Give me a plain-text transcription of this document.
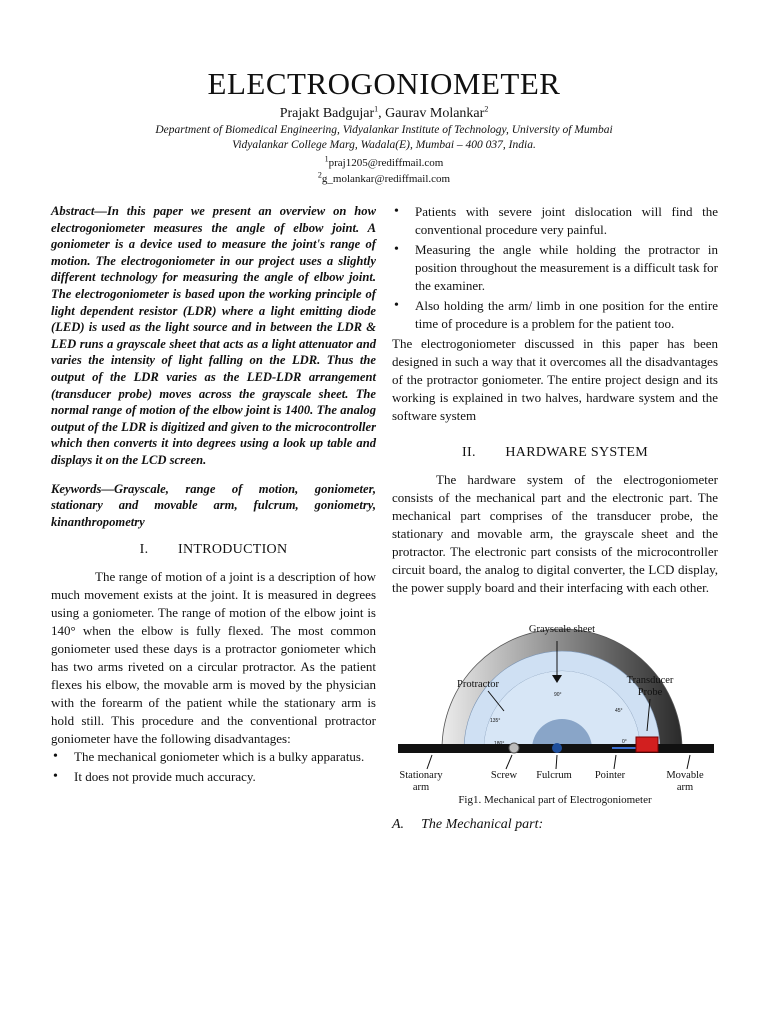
ELECTROGONIOMETER
Prajakt Badgujar$^1$, Gaurav Molankar$^2$
Department of Biomedical Engineering, Vidyalankar Institute of Technology, University of Mumbai
Vidyalankar College Marg, Wadala(E), Mumbai – 400 037, India.
$^1$praj1205@rediffmail.com
$^2$g_molankar@rediffmail.com

Abstract—In this paper we present an overview on how electrogoniometer measures the angle of elbow joint. A goniometer is a device used to measure the joint's range of motion. The electrogoniometer in our project uses a slightly different technology for measuring the angle of elbow joint. The electrogoniometer is based upon the working principle of light dependent resistor (LDR) where a light emitting diode (LED) is used as the light source and in between the LDR & LED runs a grayscale sheet that acts as a light attenuator and varies the intensity of light falling on the LDR. Thus the output of the LDR varies as the LED-LDR arrangement (transducer probe) moves across the grayscale sheet. The normal range of motion of the elbow joint is 1400. The analog output of the LDR is digitized and given to the microcontroller which then converts it into degrees using a look up table and displays it on the LCD screen.

Keywords—Grayscale, range of motion, goniometer, stationary and movable arm, fulcrum, goniometry, kinanthropometry

I. INTRODUCTION

The range of motion of a joint is a description of how much movement exists at the joint. It is measured in degrees using a goniometer. The range of motion of the elbow joint is 140° when the elbow is fully flexed. The most common goniometer used these days is a protractor goniometer which has two arms riveted on a circular protractor. As the patient flexes his elbow, the movable arm is moved by the physician with the forearm of the patient while the stationary arm is hold still. This procedure and the conventional protractor goniometer have the following disadvantages:

• The mechanical goniometer which is a bulky apparatus.
• It does not provide much accuracy.
• Patients with severe joint dislocation will find the conventional procedure very painful.
• Measuring the angle while holding the protractor in position throughout the measurement is a difficult task for the examiner.
• Also holding the arm/ limb in one position for the entire time of procedure is a problem for the patient too.

The electrogoniometer discussed in this paper has been designed in such a way that it overcomes all the disadvantages of the protractor goniometer. The entire project design and its working is explained in two halves, hardware system and the software system

II. HARDWARE SYSTEM

The hardware system of the electrogoniometer consists of the mechanical part and the electronic part. The mechanical part comprises of the transducer probe, the stationary and movable arm, the grayscale sheet and the protractor. The electronic part consists of the microcontroller circuit board, the analog to digital converter, the LCD display, the power supply board and their interfacing with each other.

135°
90°
45°
180°	0°
Grayscale sheet
Protractor	Transducer Probe
Stationary arm
Screw	Fulcrum	Pointer	Movable arm
Fig1. Mechanical part of Electrogoniometer

A. The Mechanical part:
